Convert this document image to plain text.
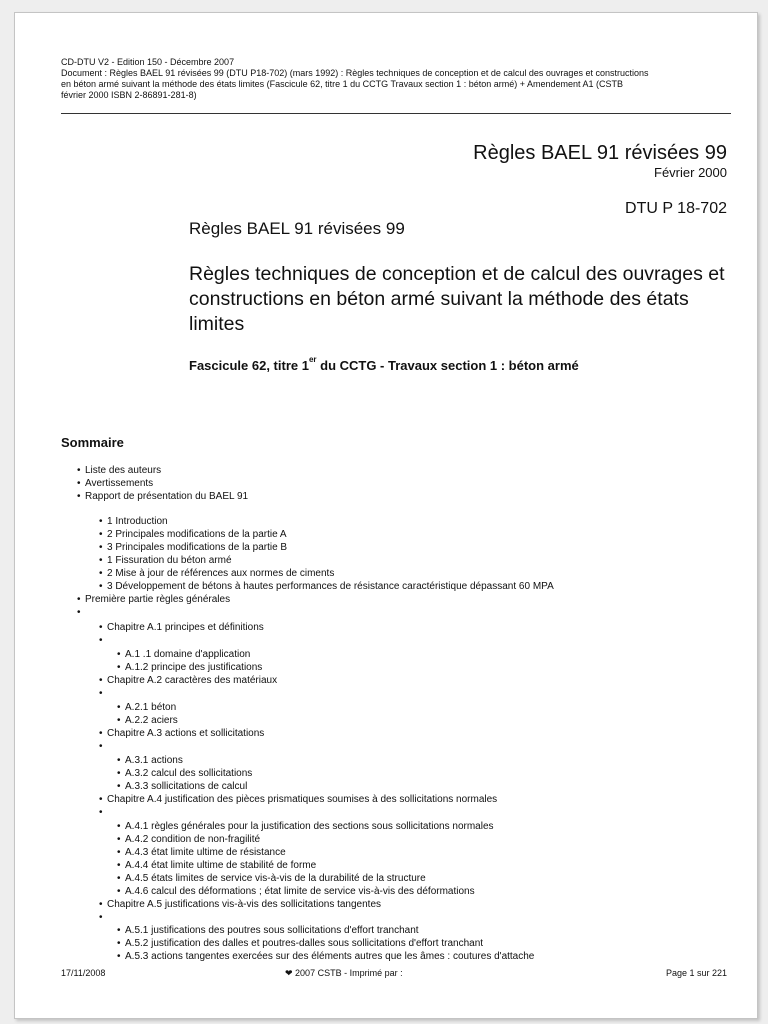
CD-DTU V2 - Edition 150 - Décembre 2007
Document : Règles BAEL 91 révisées 99 (DTU P18-702) (mars 1992) : Règles techniques de conception et de calcul des ouvrages et constructions
en béton armé suivant la méthode des états limites (Fascicule 62, titre 1 du CCTG Travaux section 1 : béton armé) + Amendement A1 (CSTB
février 2000 ISBN 2-86891-281-8)
Règles BAEL 91 révisées 99
Février 2000
DTU P 18-702
Règles BAEL 91 révisées 99
Règles techniques de conception et de calcul des ouvrages et constructions en béton armé suivant la méthode des états limites
Fascicule 62, titre 1er du CCTG - Travaux section 1 : béton armé
Sommaire
• Liste des auteurs
• Avertissements
• Rapport de présentation du BAEL 91
• 1 Introduction
• 2 Principales modifications de la partie A
• 3 Principales modifications de la partie B
• 1 Fissuration du béton armé
• 2 Mise à jour de références aux normes de ciments
• 3 Développement de bétons à hautes performances de résistance caractéristique dépassant 60 MPA
• Première partie règles générales
•
• Chapitre A.1 principes et définitions
•
• A.1 .1 domaine d'application
• A.1.2 principe des justifications
• Chapitre A.2 caractères des matériaux
•
• A.2.1 béton
• A.2.2 aciers
• Chapitre A.3 actions et sollicitations
•
• A.3.1 actions
• A.3.2 calcul des sollicitations
• A.3.3 sollicitations de calcul
• Chapitre A.4 justification des pièces prismatiques soumises à des sollicitations normales
•
• A.4.1 règles générales pour la justification des sections sous sollicitations normales
• A.4.2 condition de non-fragilité
• A.4.3 état limite ultime de résistance
• A.4.4 état limite ultime de stabilité de forme
• A.4.5 états limites de service vis-à-vis de la durabilité de la structure
• A.4.6 calcul des déformations ; état limite de service vis-à-vis des déformations
• Chapitre A.5 justifications vis-à-vis des sollicitations tangentes
•
• A.5.1 justifications des poutres sous sollicitations d'effort tranchant
• A.5.2 justification des dalles et poutres-dalles sous sollicitations d'effort tranchant
• A.5.3 actions tangentes exercées sur des éléments autres que les âmes : coutures d'attache
17/11/2008	❤ 2007 CSTB - Imprimé par :	Page 1 sur 221
